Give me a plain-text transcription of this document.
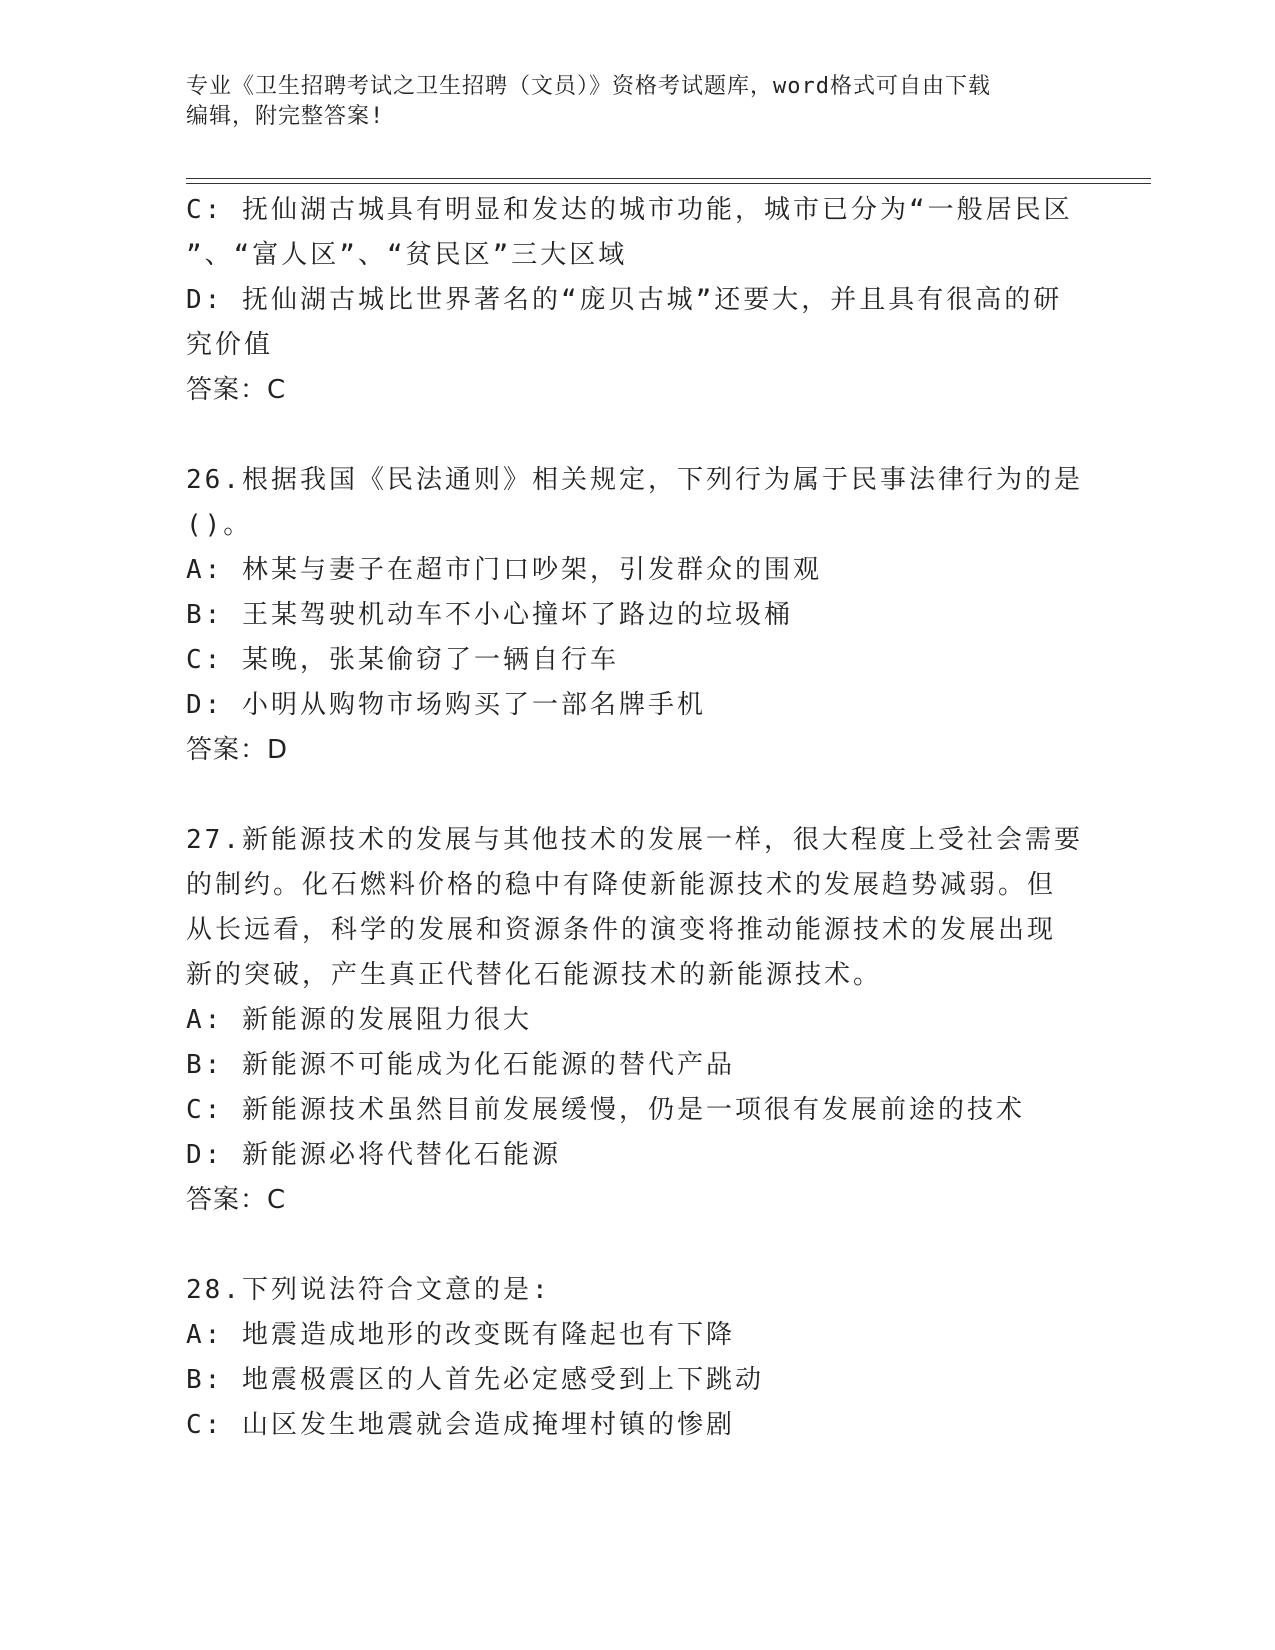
专业《卫生招聘考试之卫生招聘（文员）》资格考试题库，word格式可自由下载
编辑，附完整答案!
C: 抚仙湖古城具有明显和发达的城市功能，城市已分为“一般居民区
”、“富人区”、“贫民区”三大区域
D: 抚仙湖古城比世界著名的“庞贝古城”还要大，并且具有很高的研
究价值
答案：C
26.根据我国《民法通则》相关规定，下列行为属于民事法律行为的是
()。
A: 林某与妻子在超市门口吵架，引发群众的围观
B: 王某驾驶机动车不小心撞坏了路边的垃圾桶
C: 某晚，张某偷窃了一辆自行车
D: 小明从购物市场购买了一部名牌手机
答案：D
27.新能源技术的发展与其他技术的发展一样，很大程度上受社会需要
的制约。化石燃料价格的稳中有降使新能源技术的发展趋势减弱。但
从长远看，科学的发展和资源条件的演变将推动能源技术的发展出现
新的突破，产生真正代替化石能源技术的新能源技术。
A: 新能源的发展阻力很大
B: 新能源不可能成为化石能源的替代产品
C: 新能源技术虽然目前发展缓慢，仍是一项很有发展前途的技术
D: 新能源必将代替化石能源
答案：C
28.下列说法符合文意的是:
A: 地震造成地形的改变既有隆起也有下降
B: 地震极震区的人首先必定感受到上下跳动
C: 山区发生地震就会造成掩埋村镇的惨剧
